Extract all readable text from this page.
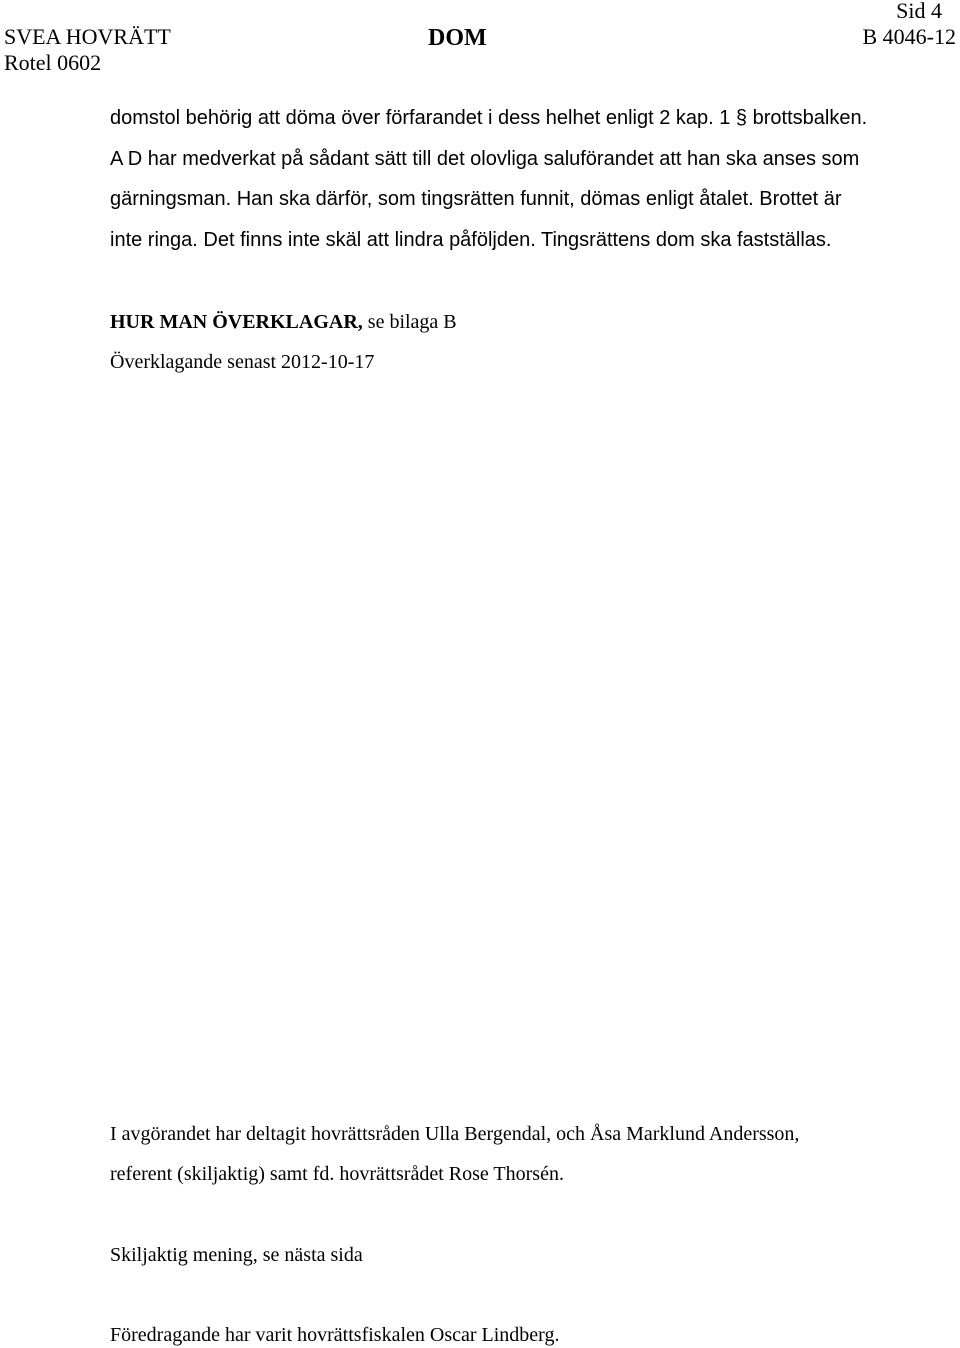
Sid 4
SVEA HOVRÄTT	DOM	B 4046-12
Rotel 0602
domstol behörig att döma över förfarandet i dess helhet enligt 2 kap. 1 § brottsbalken.
A D har medverkat på sådant sätt till det olovliga saluförandet att han ska anses som
gärningsman. Han ska därför, som tingsrätten funnit, dömas enligt åtalet. Brottet är
inte ringa. Det finns inte skäl att lindra påföljden. Tingsrättens dom ska fastställas.
HUR MAN ÖVERKLAGAR, se bilaga B
Överklagande senast 2012-10-17
I avgörandet har deltagit hovrättsråden Ulla Bergendal, och Åsa Marklund Andersson,
referent (skiljaktig) samt fd. hovrättsrådet Rose Thorsén.
Skiljaktig mening, se nästa sida
Föredragande har varit hovrättsfiskalen Oscar Lindberg.
